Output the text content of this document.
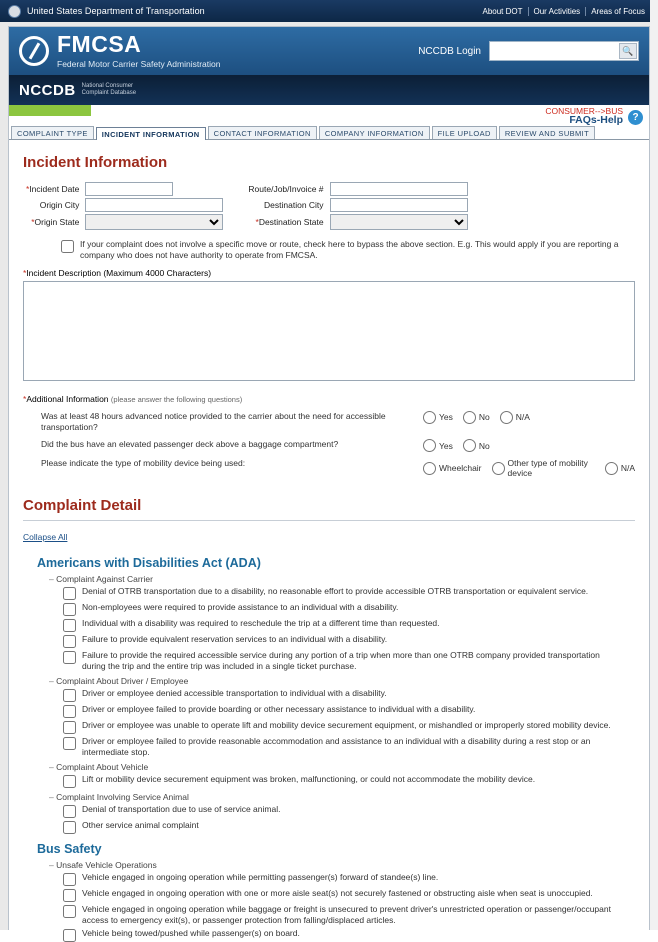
United States Department of Transportation	About DOT	Our Activities	Areas of Focus
FMCSA
Federal Motor Carrier Safety Administration
NCCDB Login	🔍
NCCDB National Consumer
Complaint Database
CONSUMER-->BUS
FAQs-Help ?
COMPLAINT TYPE	INCIDENT INFORMATION	CONTACT INFORMATION	COMPANY INFORMATION	FILE UPLOAD	REVIEW AND SUBMIT
Incident Information
*Incident Date		Route/Job/Invoice #	
Origin City		Destination City	
*Origin State		*Destination State	
If your complaint does not involve a specific move or route, check here to bypass the above section. E.g. This would apply if you are reporting a company who does not have authority to operate from FMCSA.
*Incident Description (Maximum 4000 Characters)
*Additional Information (please answer the following questions)
Was at least 48 hours advanced notice provided to the carrier about the need for accessible transportation?	Yes No N/A

Did the bus have an elevated passenger deck above a baggage compartment?	Yes No

Please indicate the type of mobility device being used:	Wheelchair Other type of mobility device N/A
Complaint Detail
Collapse All
Americans with Disabilities Act (ADA)
– Complaint Against Carrier
Denial of OTRB transportation due to a disability, no reasonable effort to provide accessible OTRB transportation or equivalent service.
Non-employees were required to provide assistance to an individual with a disability.
Individual with a disability was required to reschedule the trip at a different time than requested.
Failure to provide equivalent reservation services to an individual with a disability.
Failure to provide the required accessible service during any portion of a trip when more than one OTRB company provided transportation during the trip and the entire trip was included in a single ticket purchase.
– Complaint About Driver / Employee
Driver or employee denied accessible transportation to individual with a disability.
Driver or employee failed to provide boarding or other necessary assistance to individual with a disability.
Driver or employee was unable to operate lift and mobility device securement equipment, or mishandled or improperly stored mobility device.
Driver or employee failed to provide reasonable accommodation and assistance to an individual with a disability during a rest stop or an intermediate stop.
– Complaint About Vehicle
Lift or mobility device securement equipment was broken, malfunctioning, or could not accommodate the mobility device.
– Complaint Involving Service Animal
Denial of transportation due to use of service animal.
Other service animal complaint
Bus Safety
– Unsafe Vehicle Operations
Vehicle engaged in ongoing operation while permitting passenger(s) forward of standee(s) line.
Vehicle engaged in ongoing operation with one or more aisle seat(s) not securely fastened or obstructing aisle when seat is unoccupied.
Vehicle engaged in ongoing operation while baggage or freight is unsecured to prevent driver's unrestricted operation or passenger/occupant access to emergency exit(s), or passenger protection from falling/displaced articles.
Vehicle being towed/pushed while passenger(s) on board.
